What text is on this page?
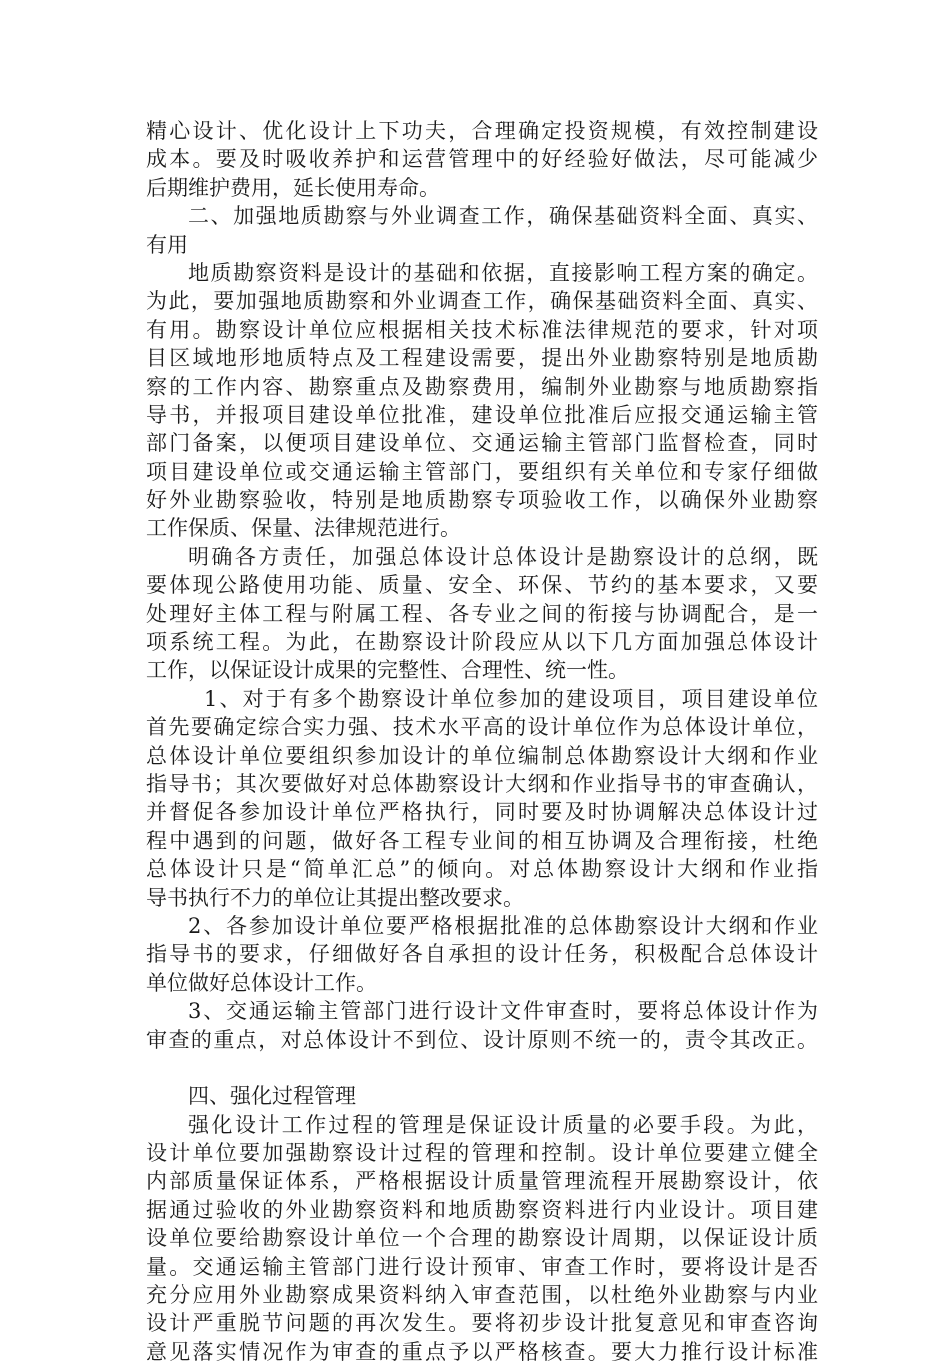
精心设计、优化设计上下功夫，合理确定投资规模，有效控制建设
成本。要及时吸收养护和运营管理中的好经验好做法，尽可能减少
后期维护费用，延长使用寿命。
二、加强地质勘察与外业调查工作，确保基础资料全面、真实、
有用
地质勘察资料是设计的基础和依据，直接影响工程方案的确定。
为此，要加强地质勘察和外业调查工作，确保基础资料全面、真实、
有用。勘察设计单位应根据相关技术标准法律规范的要求，针对项
目区域地形地质特点及工程建设需要，提出外业勘察特别是地质勘
察的工作内容、勘察重点及勘察费用，编制外业勘察与地质勘察指
导书，并报项目建设单位批准，建设单位批准后应报交通运输主管
部门备案，以便项目建设单位、交通运输主管部门监督检查，同时
项目建设单位或交通运输主管部门，要组织有关单位和专家仔细做
好外业勘察验收，特别是地质勘察专项验收工作，以确保外业勘察
工作保质、保量、法律规范进行。
明确各方责任，加强总体设计总体设计是勘察设计的总纲，既
要体现公路使用功能、质量、安全、环保、节约的基本要求，又要
处理好主体工程与附属工程、各专业之间的衔接与协调配合，是一
项系统工程。为此，在勘察设计阶段应从以下几方面加强总体设计
工作，以保证设计成果的完整性、合理性、统一性。
1、对于有多个勘察设计单位参加的建设项目，项目建设单位
首先要确定综合实力强、技术水平高的设计单位作为总体设计单位，
总体设计单位要组织参加设计的单位编制总体勘察设计大纲和作业
指导书；其次要做好对总体勘察设计大纲和作业指导书的审查确认，
并督促各参加设计单位严格执行，同时要及时协调解决总体设计过
程中遇到的问题，做好各工程专业间的相互协调及合理衔接，杜绝
总体设计只是“简单汇总”的倾向。对总体勘察设计大纲和作业指
导书执行不力的单位让其提出整改要求。
2、各参加设计单位要严格根据批准的总体勘察设计大纲和作业
指导书的要求，仔细做好各自承担的设计任务，积极配合总体设计
单位做好总体设计工作。
3、交通运输主管部门进行设计文件审查时，要将总体设计作为
审查的重点，对总体设计不到位、设计原则不统一的，责令其改正。
四、强化过程管理
强化设计工作过程的管理是保证设计质量的必要手段。为此，
设计单位要加强勘察设计过程的管理和控制。设计单位要建立健全
内部质量保证体系，严格根据设计质量管理流程开展勘察设计，依
据通过验收的外业勘察资料和地质勘察资料进行内业设计。项目建
设单位要给勘察设计单位一个合理的勘察设计周期，以保证设计质
量。交通运输主管部门进行设计预审、审查工作时，要将设计是否
充分应用外业勘察成果资料纳入审查范围，以杜绝外业勘察与内业
设计严重脱节问题的再次发生。要将初步设计批复意见和审查咨询
意见落实情况作为审查的重点予以严格核查。要大力推行设计标准
